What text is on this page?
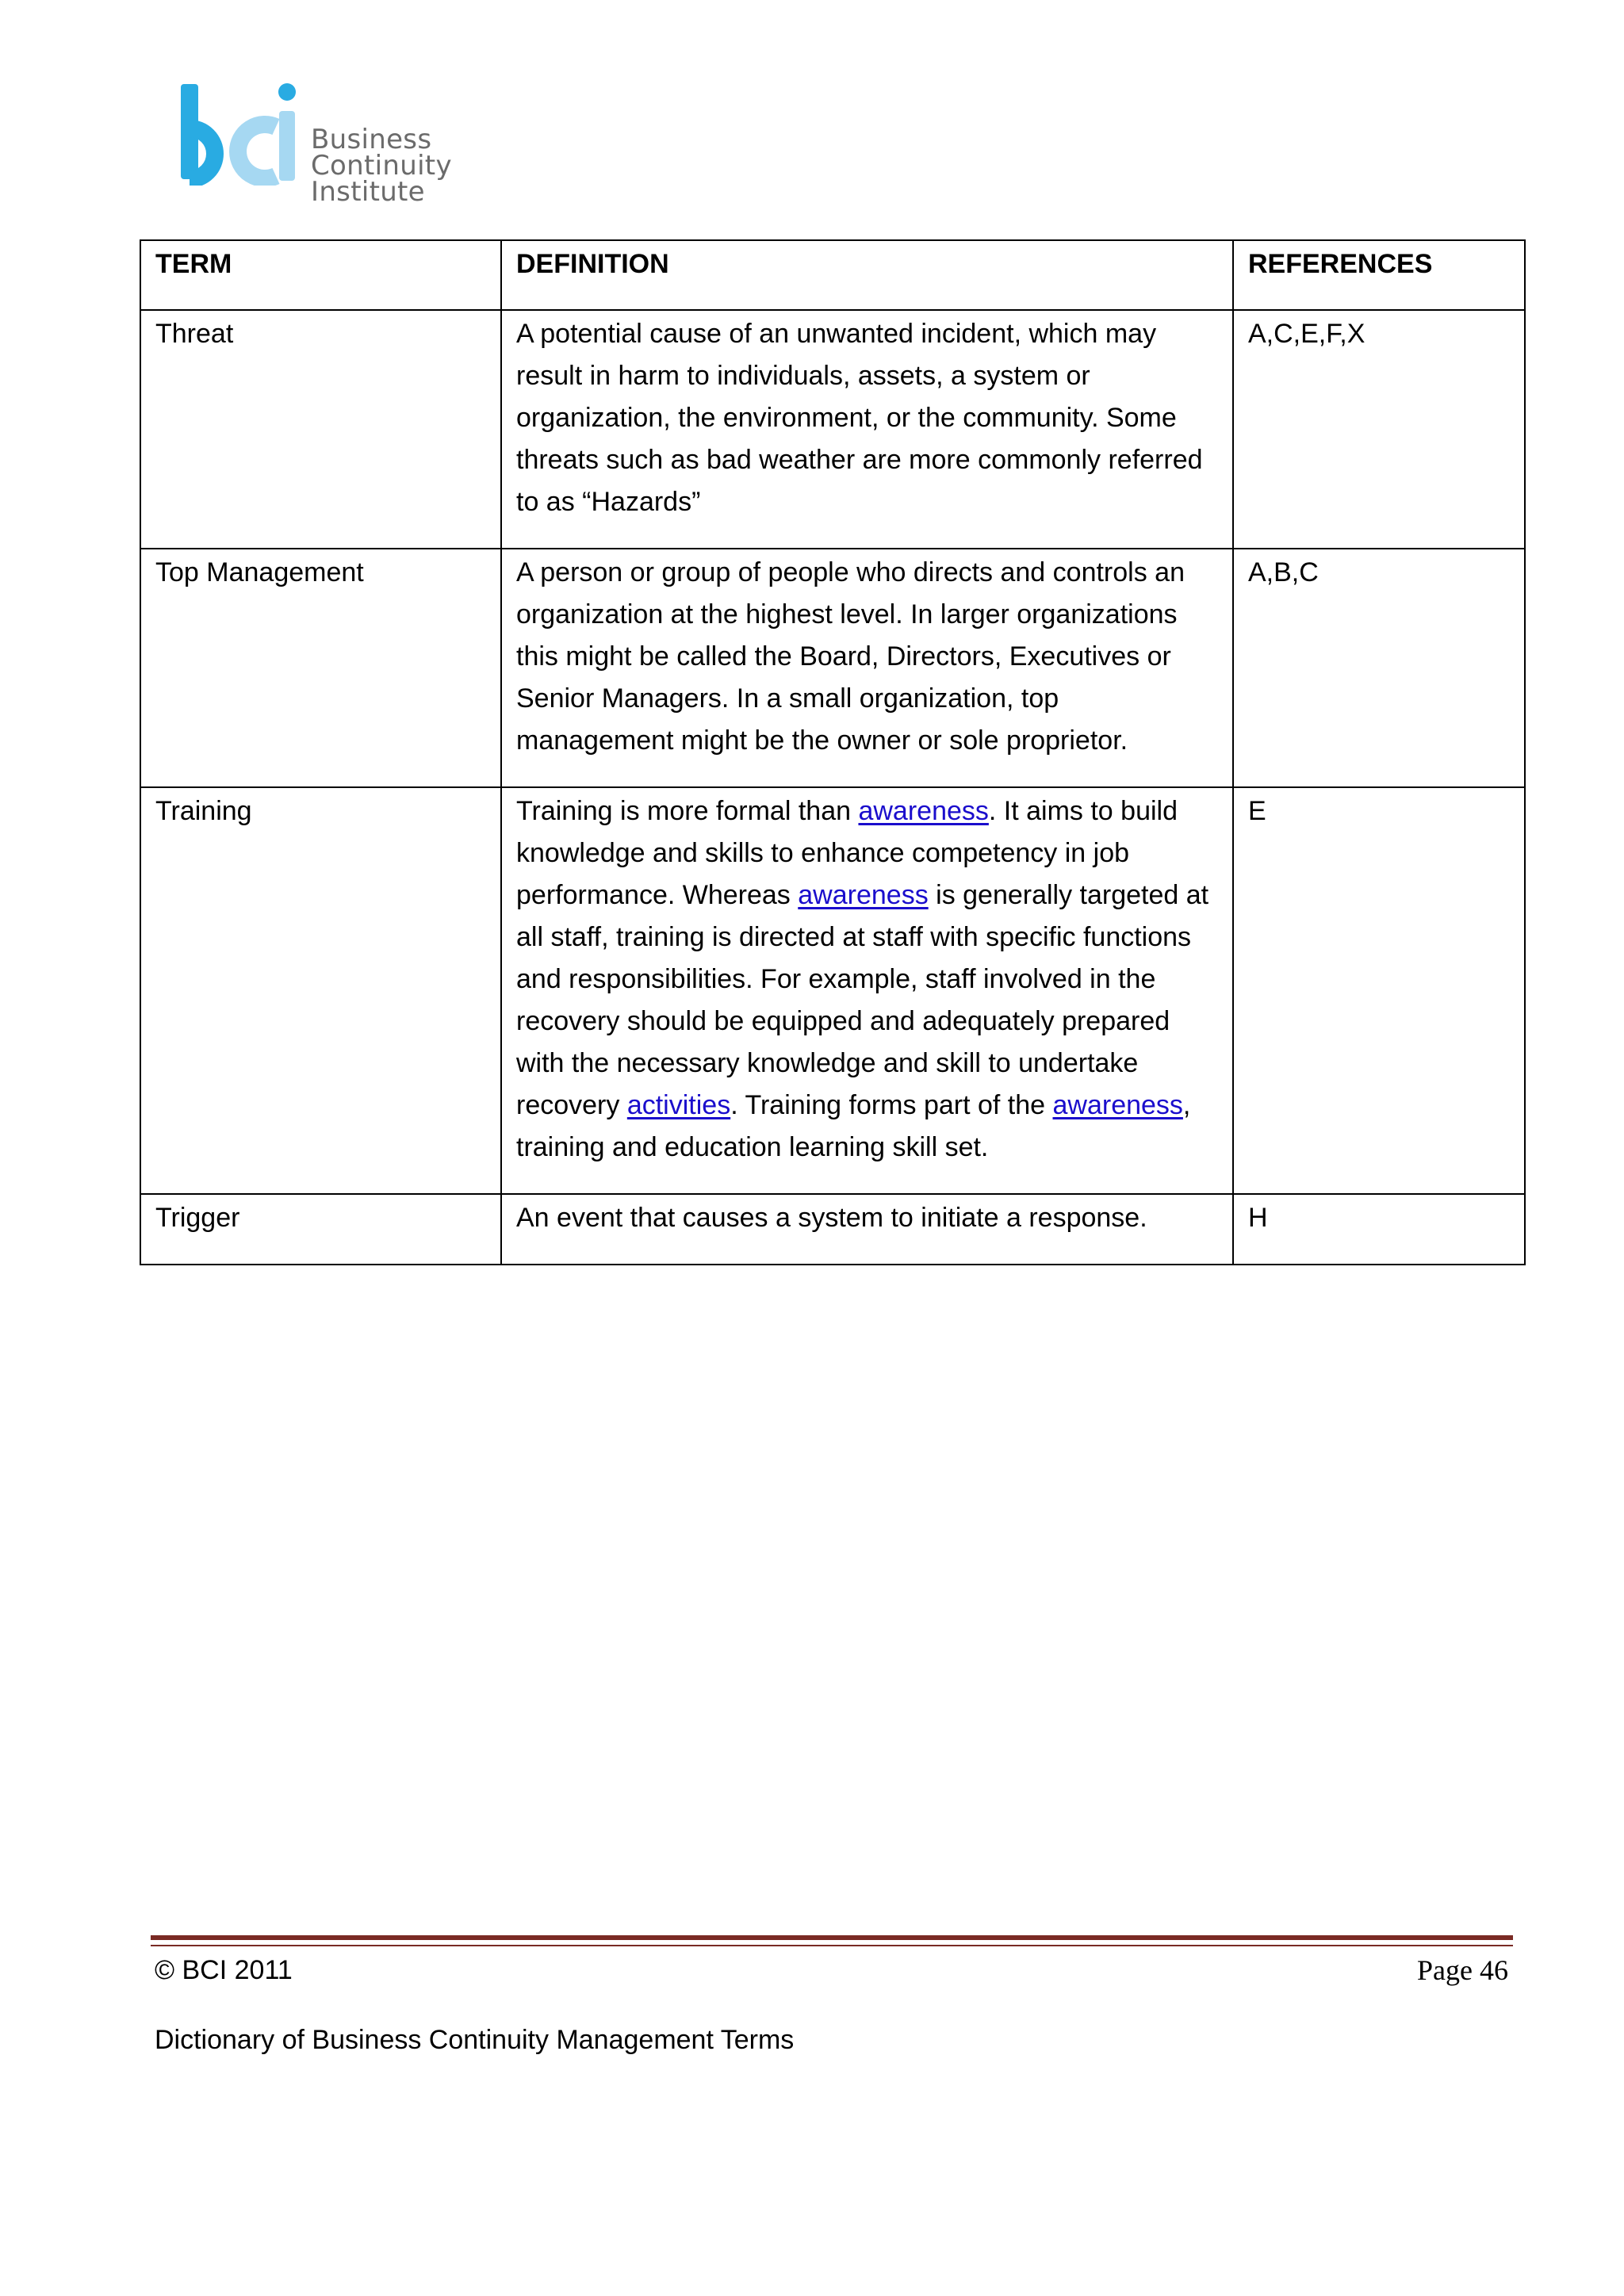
Business Continuity
Institute
TERM	DEFINITION	REFERENCES
Threat	A potential cause of an unwanted incident, which may result in harm to individuals, assets, a system or organization, the environment, or the community. Some threats such as bad weather are more commonly referred to as “Hazards”	A,C,E,F,X
Top Management	A person or group of people who directs and controls an organization at the highest level. In larger organizations this might be called the Board, Directors, Executives or Senior Managers. In a small organization, top management might be the owner or sole proprietor.	A,B,C
Training	Training is more formal than awareness. It aims to build knowledge and skills to enhance competency in job performance. Whereas awareness is generally targeted at all staff, training is directed at staff with specific functions and responsibilities. For example, staff involved in the recovery should be equipped and adequately prepared with the necessary knowledge and skill to undertake recovery activities. Training forms part of the awareness, training and education learning skill set.	E
Trigger	An event that causes a system to initiate a response.	H
© BCI 2011	Page 46
Dictionary of Business Continuity Management Terms
